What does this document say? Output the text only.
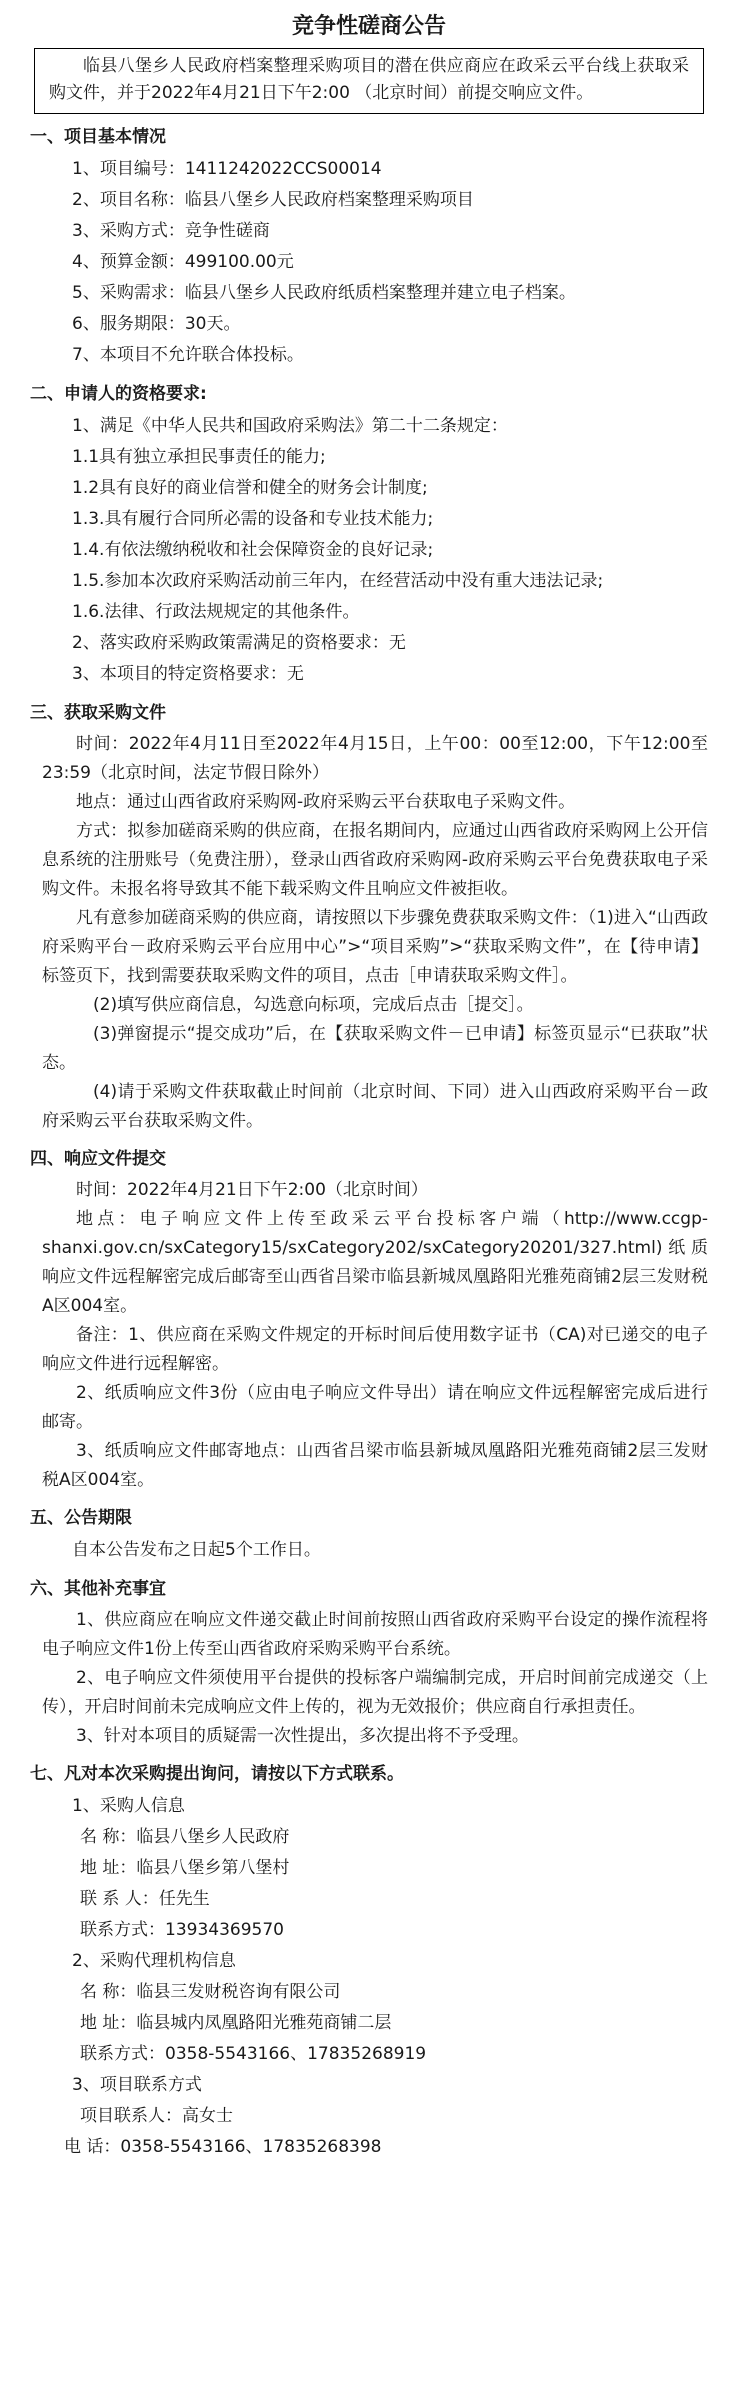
竞争性磋商公告
临县八堡乡人民政府档案整理采购项目的潜在供应商应在政采云平台线上获取采购文件，并于2022年4月21日下午2:00 （北京时间）前提交响应文件。
一、项目基本情况
1、项目编号：1411242022CCS00014
2、项目名称：临县八堡乡人民政府档案整理采购项目
3、采购方式：竞争性磋商
4、预算金额：499100.00元
5、采购需求：临县八堡乡人民政府纸质档案整理并建立电子档案。
6、服务期限：30天。
7、本项目不允许联合体投标。
二、申请人的资格要求:
1、满足《中华人民共和国政府采购法》第二十二条规定：
1.1具有独立承担民事责任的能力;
1.2具有良好的商业信誉和健全的财务会计制度;
1.3.具有履行合同所必需的设备和专业技术能力;
1.4.有依法缴纳税收和社会保障资金的良好记录;
1.5.参加本次政府采购活动前三年内，在经营活动中没有重大违法记录;
1.6.法律、行政法规规定的其他条件。
2、落实政府采购政策需满足的资格要求：无
3、本项目的特定资格要求：无
三、获取采购文件
时间：2022年4月11日至2022年4月15日，上午00：00至12:00，下午12:00至23:59（北京时间，法定节假日除外）
地点：通过山西省政府采购网-政府采购云平台获取电子采购文件。
方式：拟参加磋商采购的供应商，在报名期间内，应通过山西省政府采购网上公开信息系统的注册账号（免费注册），登录山西省政府采购网-政府采购云平台免费获取电子采购文件。未报名将导致其不能下载采购文件且响应文件被拒收。
凡有意参加磋商采购的供应商，请按照以下步骤免费获取采购文件：（1)进入“山西政府采购平台－政府采购云平台应用中心”>“项目采购”>“获取采购文件”，在【待申请】标签页下，找到需要获取采购文件的项目，点击［申请获取采购文件］。
(2)填写供应商信息，勾选意向标项，完成后点击［提交］。
(3)弹窗提示“提交成功”后，在【获取采购文件－已申请】标签页显示“已获取”状态。
(4)请于采购文件获取截止时间前（北京时间、下同）进入山西政府采购平台－政府采购云平台获取采购文件。
四、响应文件提交
时间：2022年4月21日下午2:00（北京时间）
地点：电子响应文件上传至政采云平台投标客户端（http://www.ccgp-shanxi.gov.cn/sxCategory15/sxCategory202/sxCategory20201/327.html)纸质响应文件远程解密完成后邮寄至山西省吕梁市临县新城凤凰路阳光雅苑商铺2层三发财税A区004室。
备注：1、供应商在采购文件规定的开标时间后使用数字证书（CA)对已递交的电子响应文件进行远程解密。
2、纸质响应文件3份（应由电子响应文件导出）请在响应文件远程解密完成后进行邮寄。
3、纸质响应文件邮寄地点：山西省吕梁市临县新城凤凰路阳光雅苑商铺2层三发财税A区004室。
五、公告期限
自本公告发布之日起5个工作日。
六、其他补充事宜
1、供应商应在响应文件递交截止时间前按照山西省政府采购平台设定的操作流程将电子响应文件1份上传至山西省政府采购采购平台系统。
2、电子响应文件须使用平台提供的投标客户端编制完成，开启时间前完成递交（上传），开启时间前未完成响应文件上传的，视为无效报价；供应商自行承担责任。
3、针对本项目的质疑需一次性提出，多次提出将不予受理。
七、凡对本次采购提出询问，请按以下方式联系。
1、采购人信息
名 称：临县八堡乡人民政府
地 址：临县八堡乡第八堡村
联 系 人：任先生
联系方式：13934369570
2、采购代理机构信息
名 称：临县三发财税咨询有限公司
地 址：临县城内凤凰路阳光雅苑商铺二层
联系方式：0358-5543166、17835268919
3、项目联系方式
项目联系人：高女士
电 话：0358-5543166、17835268398
